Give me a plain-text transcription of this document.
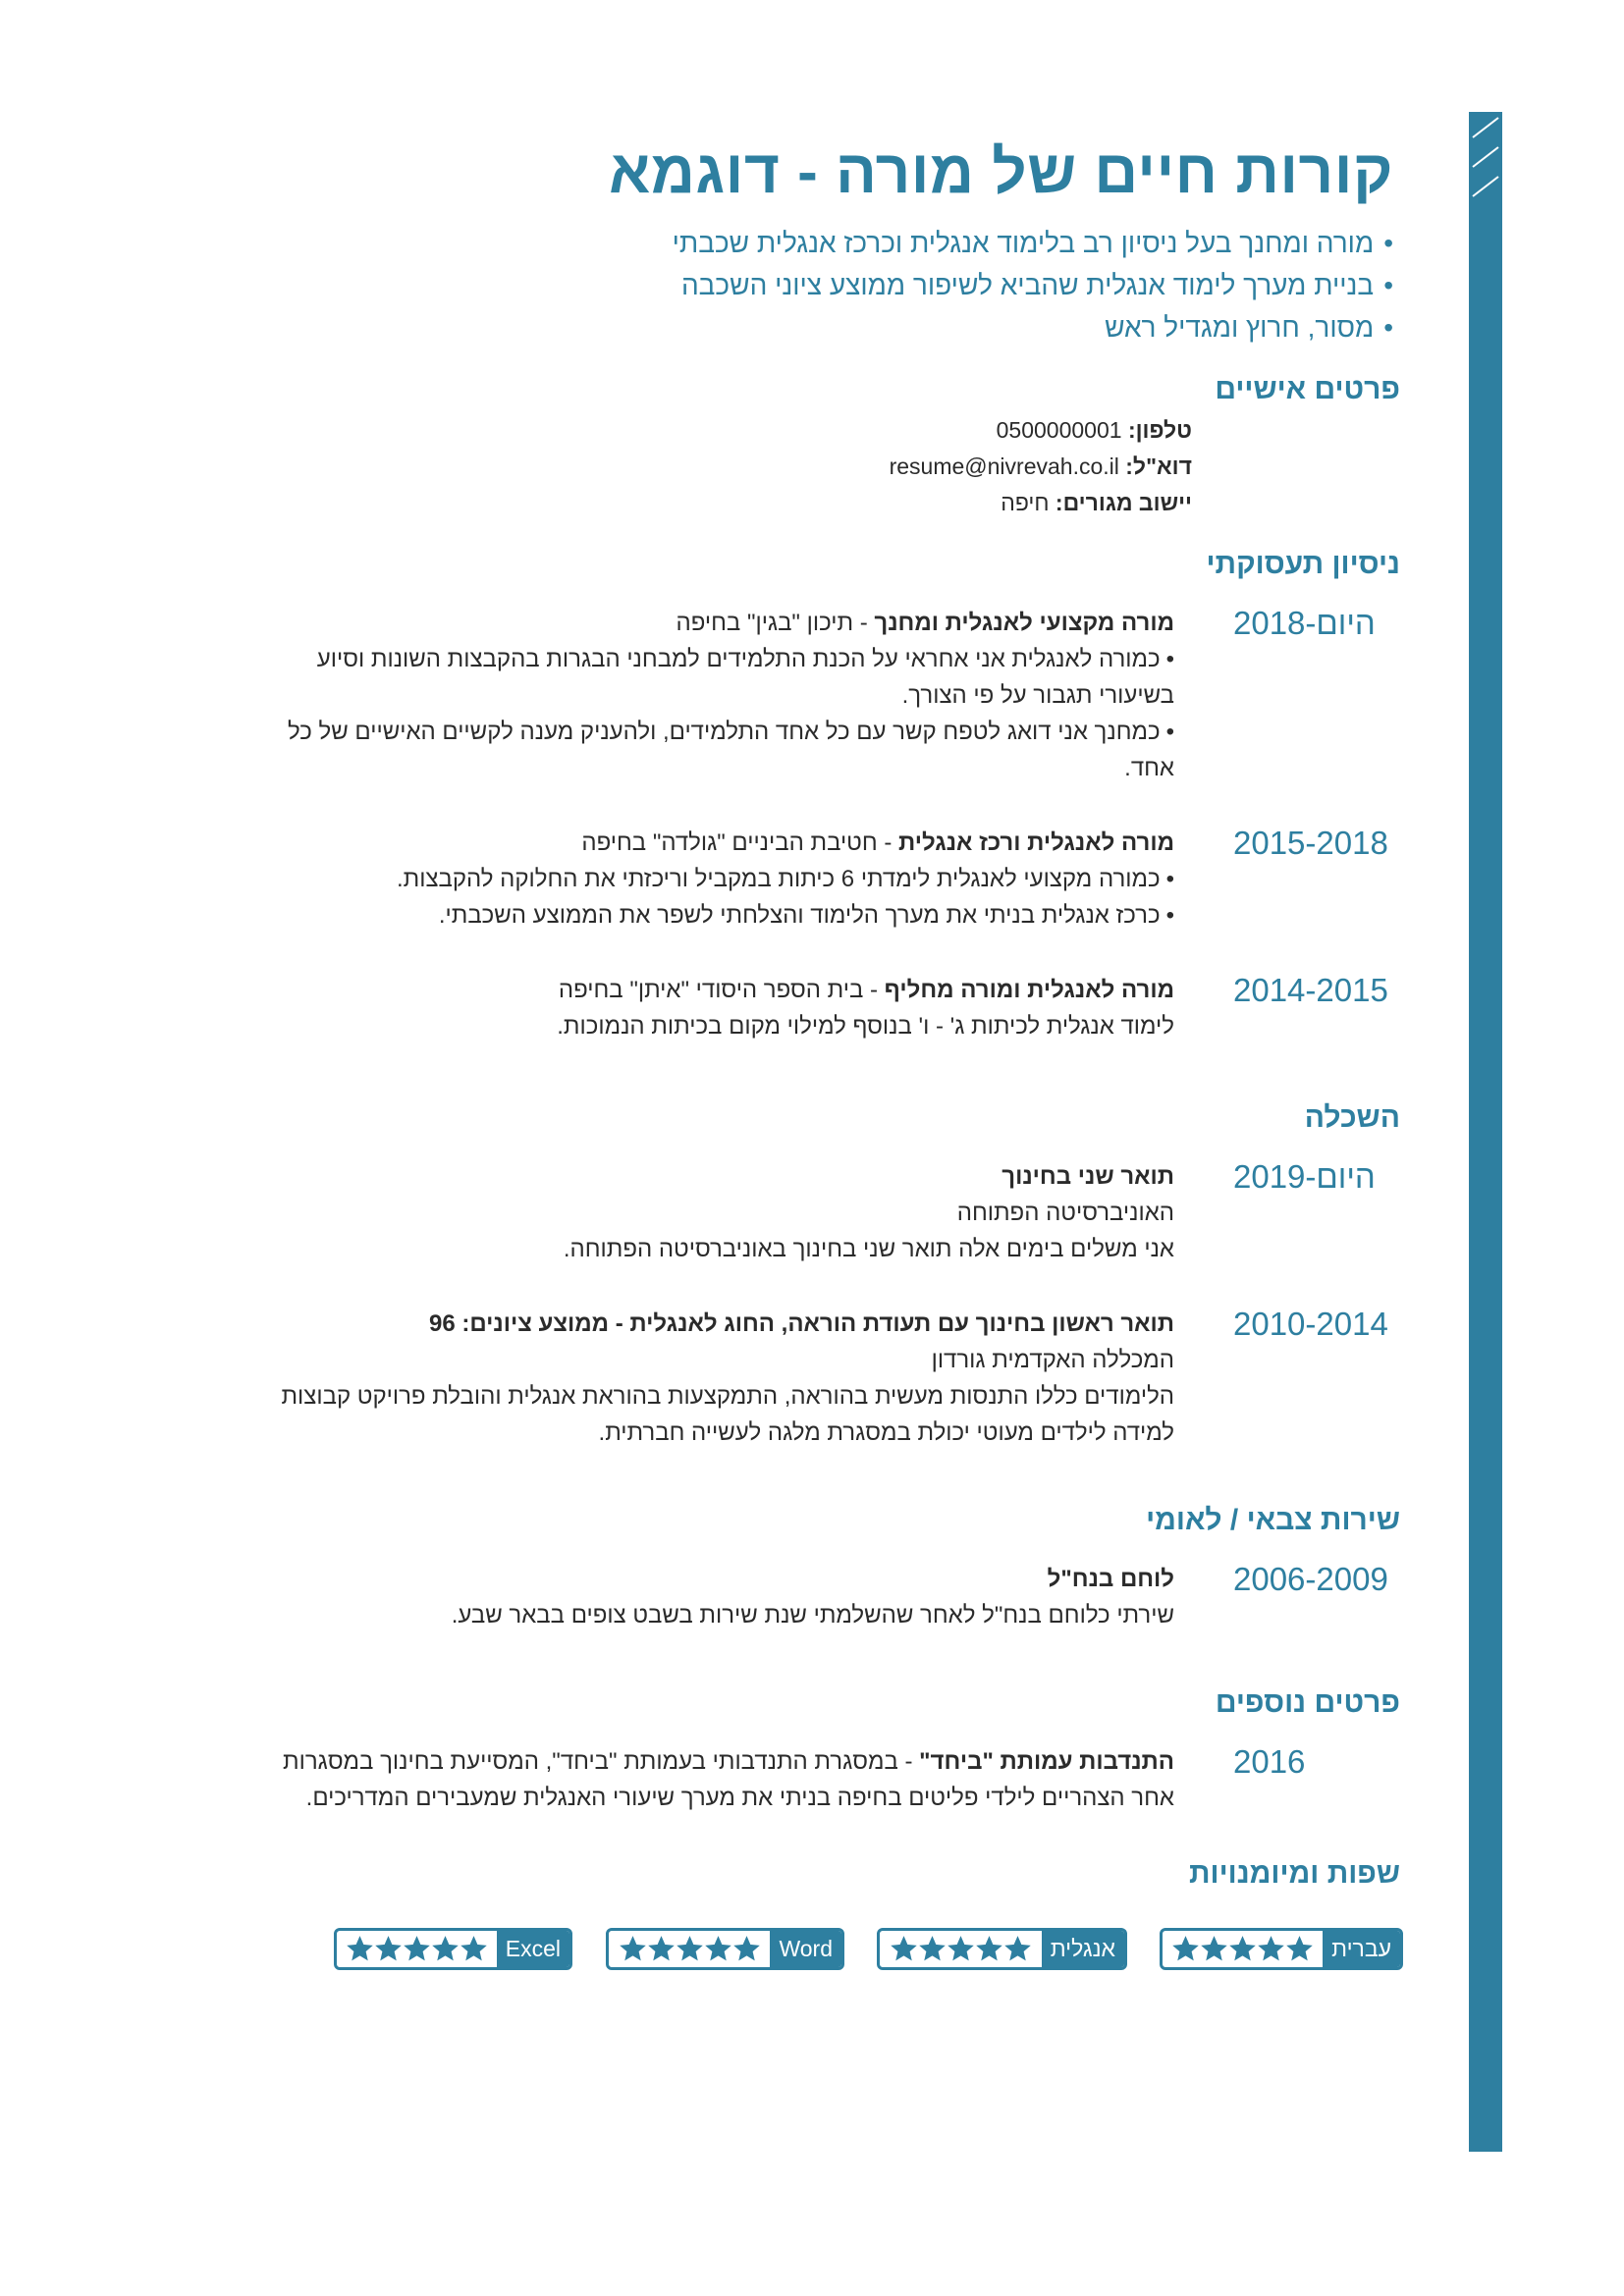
קורות חיים של מורה - דוגמא
• מורה ומחנך בעל ניסיון רב בלימוד אנגלית וכרכז אנגלית שכבתי
• בניית מערך לימוד אנגלית שהביא לשיפור ממוצע ציוני השכבה
• מסור, חרוץ ומגדיל ראש
פרטים אישיים
טלפון: 0500000001
דוא"ל: resume@nivrevah.co.il
יישוב מגורים: חיפה
ניסיון תעסוקתי
2018-היום
מורה מקצועי לאנגלית ומחנך - תיכון "בגין" בחיפה
• כמורה לאנגלית אני אחראי על הכנת התלמידים למבחני הבגרות בהקבצות השונות וסיוע בשיעורי תגבור על פי הצורך.
• כמחנך אני דואג לטפח קשר עם כל אחד התלמידים, ולהעניק מענה לקשיים האישיים של כל אחד.
2015-2018
מורה לאנגלית ורכז אנגלית - חטיבת הביניים "גולדה" בחיפה
• כמורה מקצועי לאנגלית לימדתי 6 כיתות במקביל וריכזתי את החלוקה להקבצות.
• כרכז אנגלית בניתי את מערך הלימוד והצלחתי לשפר את הממוצע השכבתי.
2014-2015
מורה לאנגלית ומורה מחליף - בית הספר היסודי "איתן" בחיפה

לימוד אנגלית לכיתות ג' - ו' בנוסף למילוי מקום בכיתות הנמוכות.

השכלה
2019-היום
תואר שני בחינוך

האוניברסיטה הפתוחה

אני משלים בימים אלה תואר שני בחינוך באוניברסיטה הפתוחה.

2010-2014
תואר ראשון בחינוך עם תעודת הוראה, החוג לאנגלית - ממוצע ציונים: 96

המכללה האקדמית גורדון

הלימודים כללו התנסות מעשית בהוראה, התמקצעות בהוראת אנגלית והובלת פרויקט קבוצות למידה לילדים מעוטי יכולת במסגרת מלגה לעשייה חברתית.

שירות צבאי / לאומי
2006-2009
לוחם בנח"ל

שירתי כלוחם בנח"ל לאחר שהשלמתי שנת שירות בשבט צופים בבאר שבע.

פרטים נוספים
2016

התנדבות עמותת "ביחד" - במסגרת התנדבותי בעמותת "ביחד", המסייעת בחינוך במסגרות אחר הצהריים לילדי פליטים בחיפה בניתי את מערך שיעורי האנגלית שמעבירים המדריכים.

שפות ומיומנויות
עברית
אנגלית
Word
Excel
